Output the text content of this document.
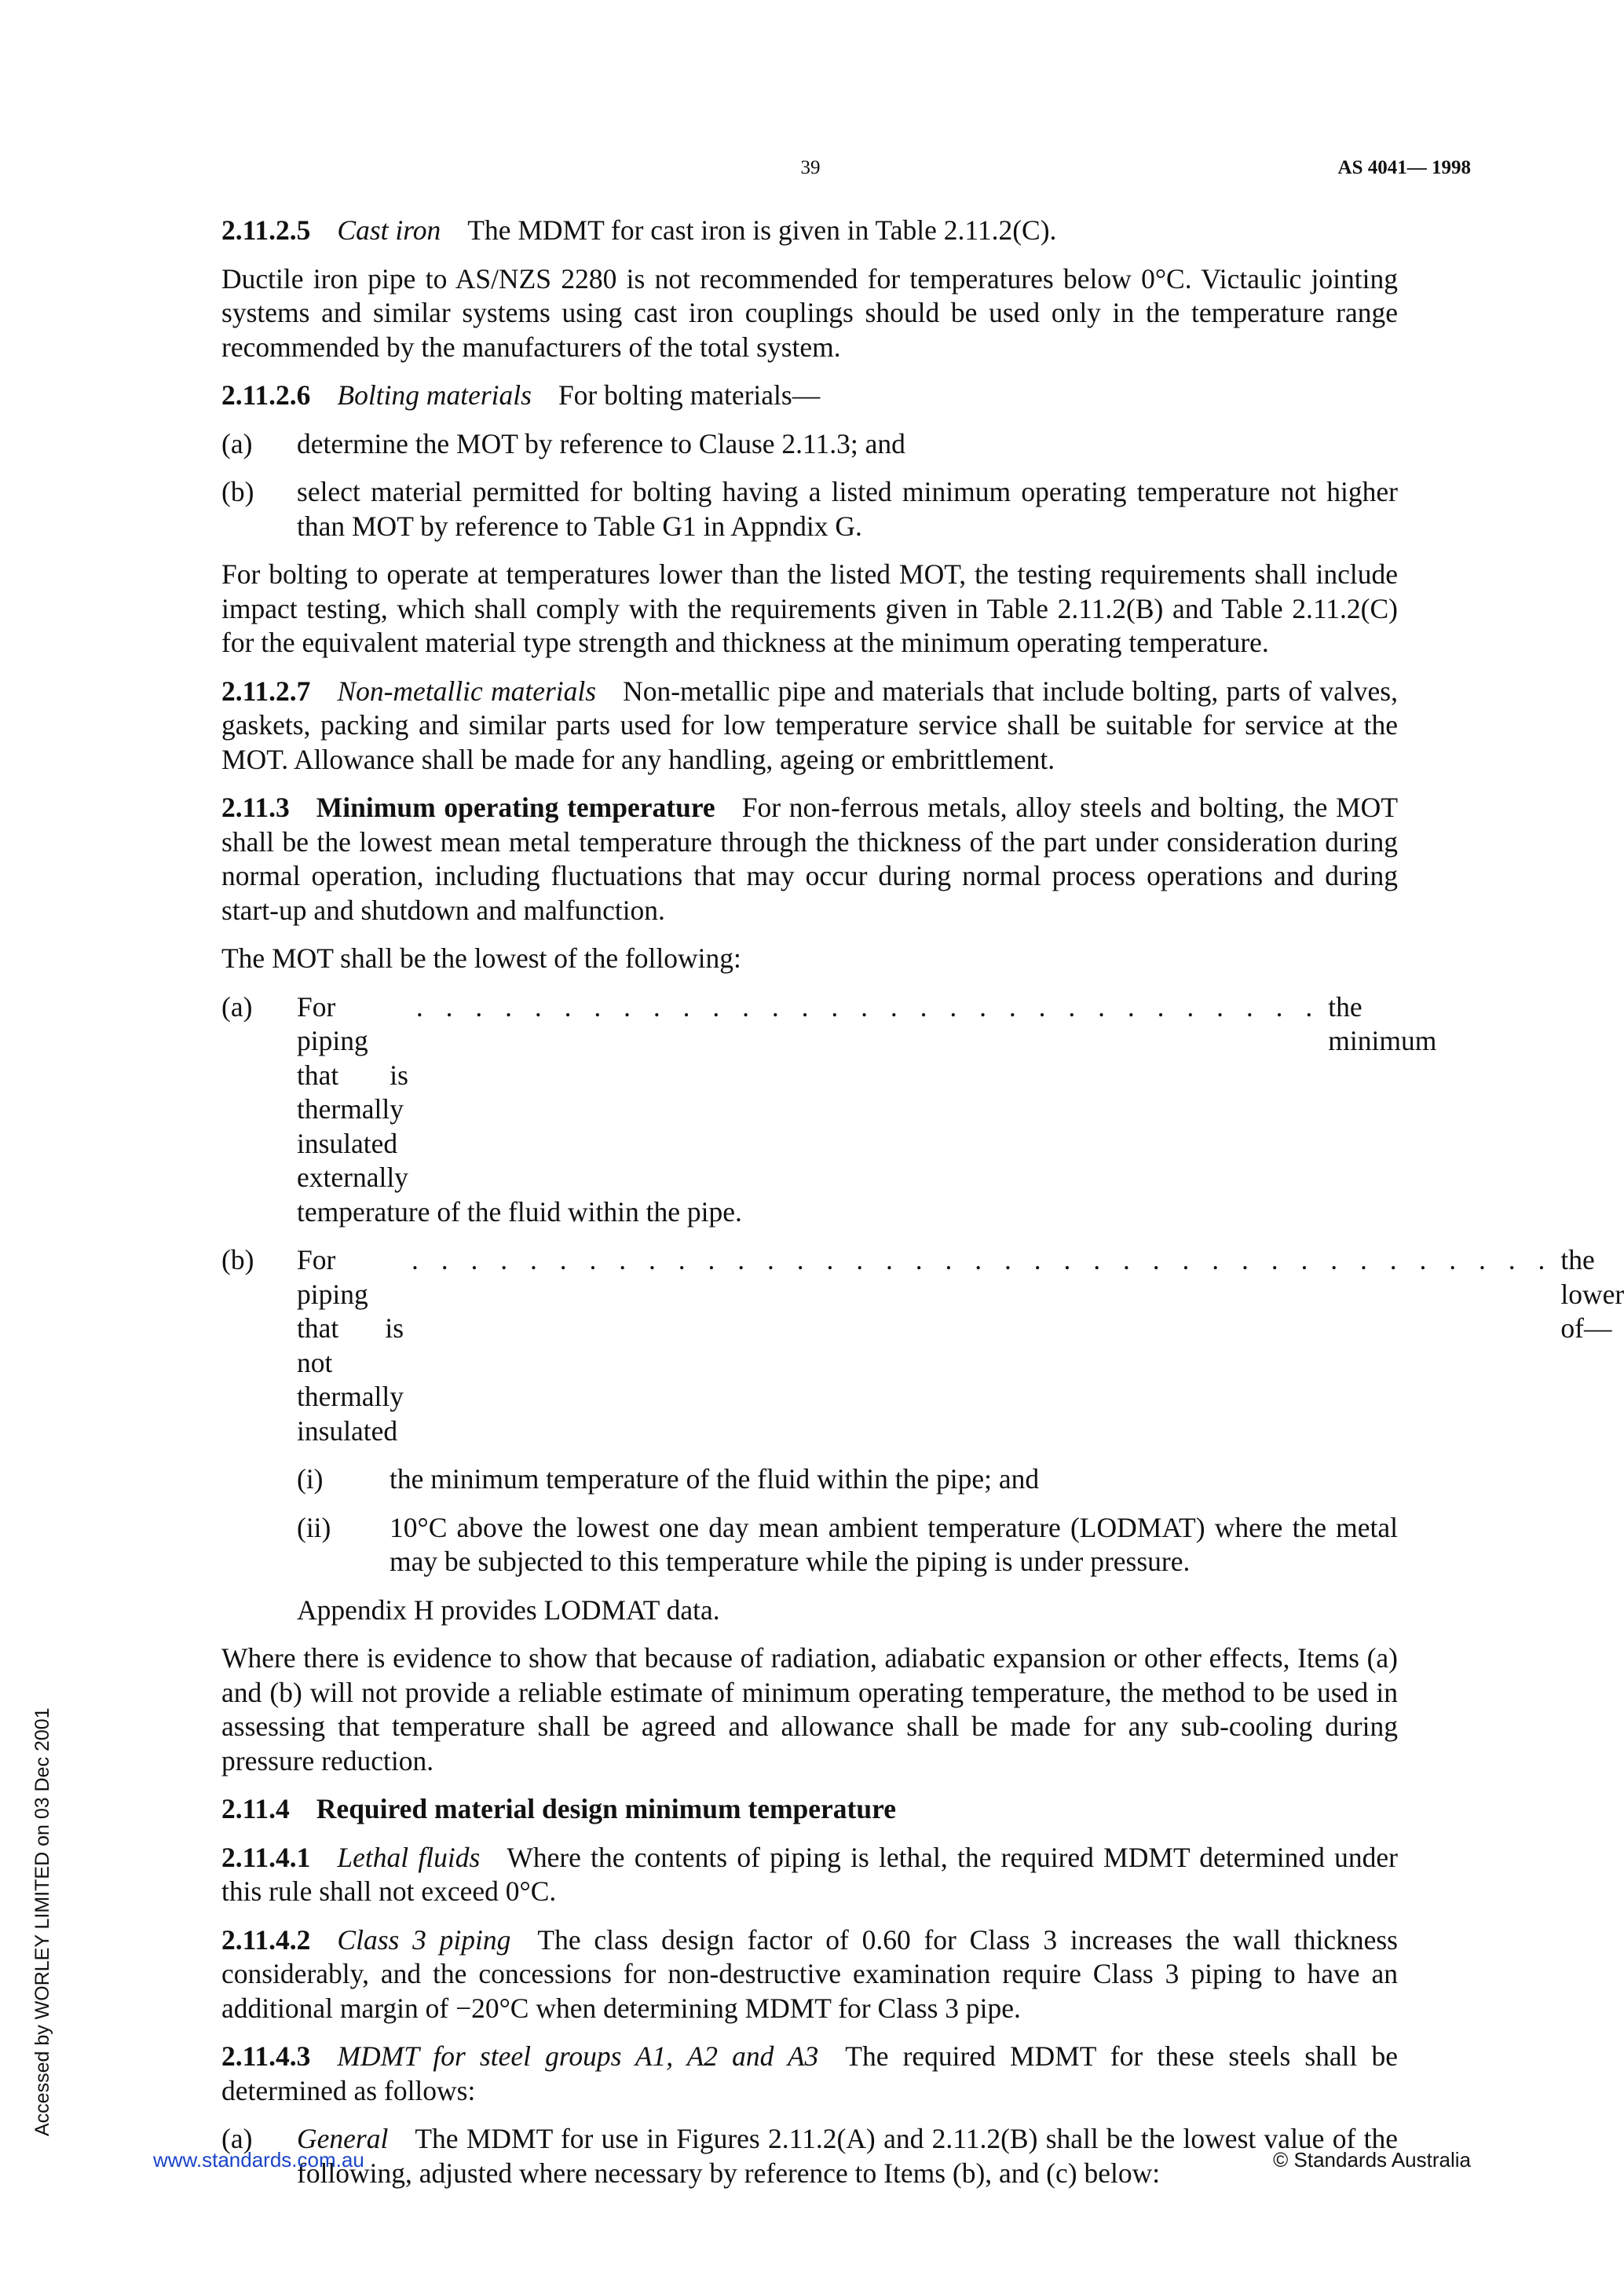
39	AS 4041— 1998

2.11.2.5 Cast iron The MDMT for cast iron is given in Table 2.11.2(C).

Ductile iron pipe to AS/NZS 2280 is not recommended for temperatures below 0°C. Victaulic jointing systems and similar systems using cast iron couplings should be used only in the temperature range recommended by the manufacturers of the total system.

2.11.2.6 Bolting materials For bolting materials—

(a) determine the MOT by reference to Clause 2.11.3; and
(b) select material permitted for bolting having a listed minimum operating temperature not higher than MOT by reference to Table G1 in Appndix G.

For bolting to operate at temperatures lower than the listed MOT, the testing requirements shall include impact testing, which shall comply with the requirements given in Table 2.11.2(B) and Table 2.11.2(C) for the equivalent material type strength and thickness at the minimum operating temperature.

2.11.2.7 Non-metallic materials Non-metallic pipe and materials that include bolting, parts of valves, gaskets, packing and similar parts used for low temperature service shall be suitable for service at the MOT. Allowance shall be made for any handling, ageing or embrittlement.

2.11.3 Minimum operating temperature For non-ferrous metals, alloy steels and bolting, the MOT shall be the lowest mean metal temperature through the thickness of the part under consideration during normal operation, including fluctuations that may occur during normal process operations and during start-up and shutdown and malfunction.

The MOT shall be the lowest of the following:

(a) For piping that is thermally insulated externally
. . . . . . . . . . . . . . . . . . . . . . . . . . . . . . . the minimum
temperature of the fluid within the pipe.
(b) For piping that is not thermally insulated
. . . . . . . . . . . . . . . . . . . . . . . . . . . . . . . . . . . . . . . the lower of—
(i) the minimum temperature of the fluid within the pipe; and
(ii) 10°C above the lowest one day mean ambient temperature (LODMAT) where the metal may be subjected to this temperature while the piping is under pressure.

Appendix H provides LODMAT data.

Where there is evidence to show that because of radiation, adiabatic expansion or other effects, Items (a) and (b) will not provide a reliable estimate of minimum operating temperature, the method to be used in assessing that temperature shall be agreed and allowance shall be made for any sub-cooling during pressure reduction.

2.11.4 Required material design minimum temperature

2.11.4.1 Lethal fluids Where the contents of piping is lethal, the required MDMT determined under this rule shall not exceed 0°C.

2.11.4.2 Class 3 piping The class design factor of 0.60 for Class 3 increases the wall thickness considerably, and the concessions for non-destructive examination require Class 3 piping to have an additional margin of −20°C when determining MDMT for Class 3 pipe.

2.11.4.3 MDMT for steel groups A1, A2 and A3 The required MDMT for these steels shall be determined as follows:

(a) General The MDMT for use in Figures 2.11.2(A) and 2.11.2(B) shall be the lowest value of the following, adjusted where necessary by reference to Items (b), and (c) below:
Accessed by WORLEY LIMITED on 03 Dec 2001
www.standards.com.au	© Standards Australia
